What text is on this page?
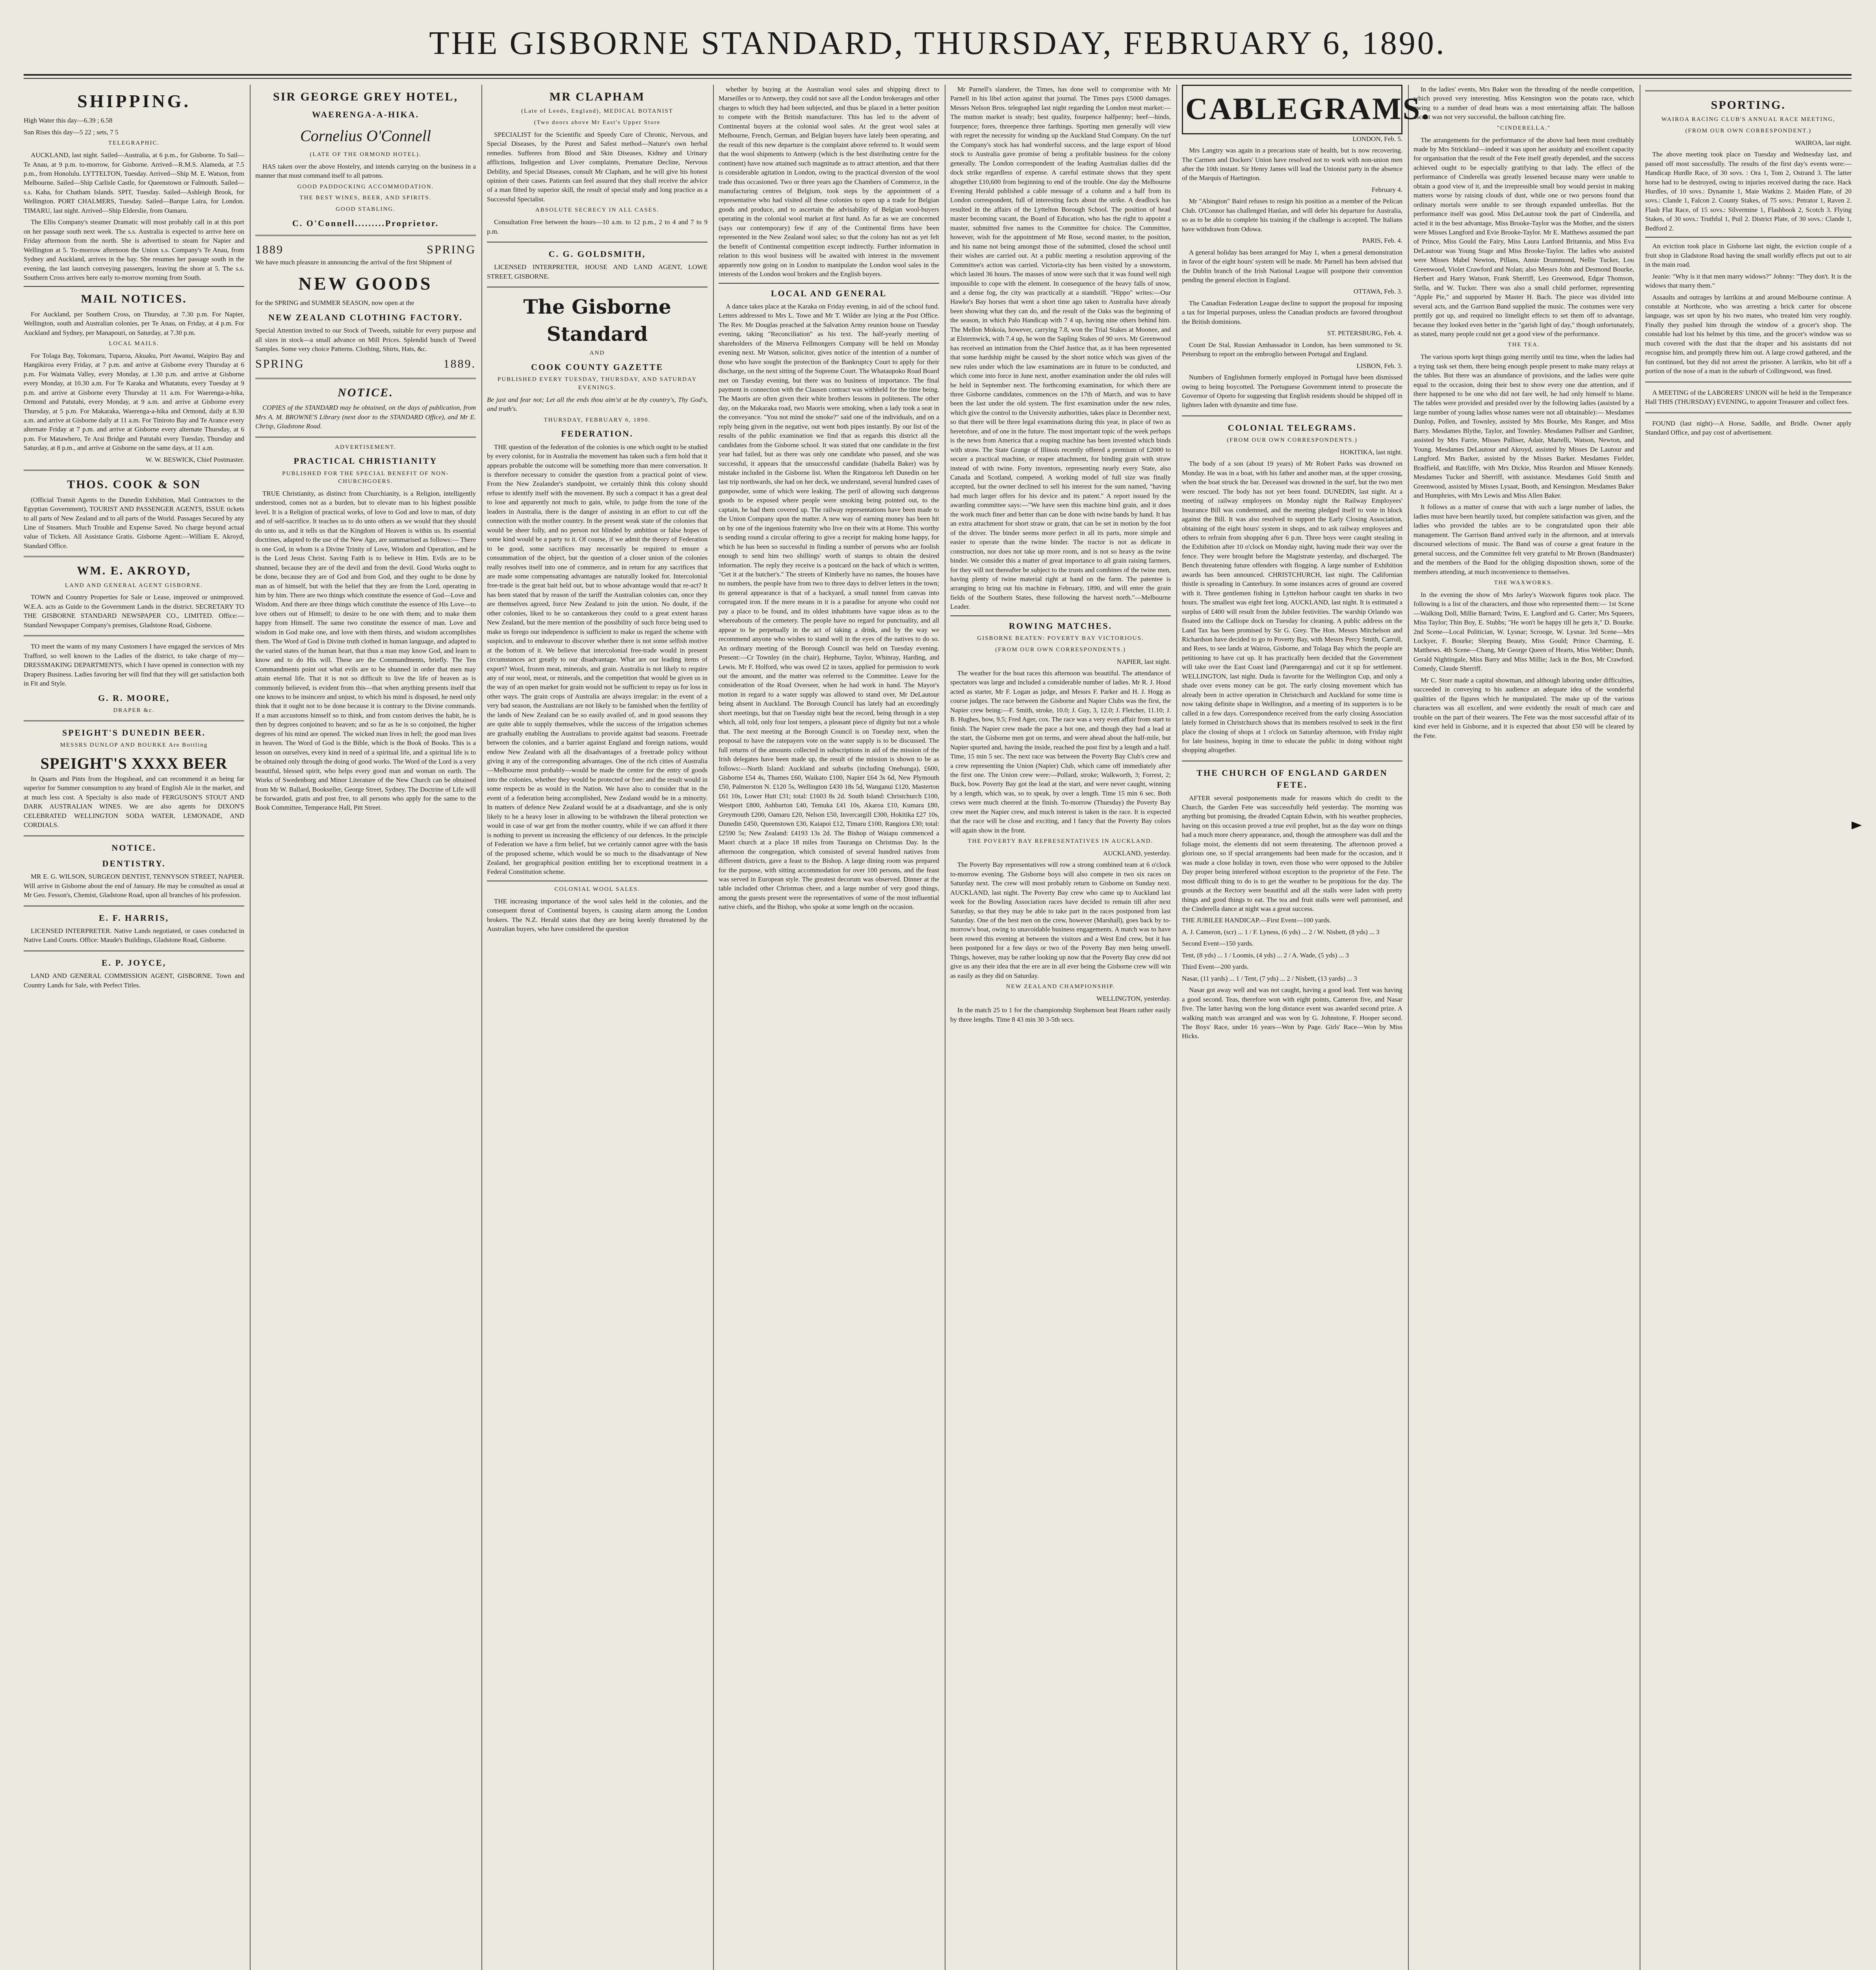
THE GISBORNE STANDARD, THURSDAY, FEBRUARY 6, 1890.
SHIPPING.

High Water this day—6.39 ; 6.58

Sun Rises this day—5 22 ; sets, 7 5

TELEGRAPHIC.

AUCKLAND, last night. Sailed—Australia, at 6 p.m., for Gisborne. To Sail—Te Anau, at 9 p.m. to-morrow, for Gisborne. Arrived—R.M.S. Alameda, at 7.5 p.m., from Honolulu. LYTTELTON, Tuesday. Arrived—Ship M. E. Watson, from Melbourne. Sailed—Ship Carlisle Castle, for Queenstown or Falmouth. Sailed—s.s. Kaha, for Chatham Islands. SPIT, Tuesday. Sailed—Ashleigh Brook, for Wellington. PORT CHALMERS, Tuesday. Sailed—Barque Laira, for London. TIMARU, last night. Arrived—Ship Elderslie, from Oamaru.

The Ellis Company's steamer Dramatic will most probably call in at this port on her passage south next week. The s.s. Australia is expected to arrive here on Friday afternoon from the north. She is advertised to steam for Napier and Wellington at 5. To-morrow afternoon the Union s.s. Company's Te Anau, from Sydney and Auckland, arrives in the bay. She resumes her passage south in the evening, the last launch conveying passengers, leaving the shore at 5. The s.s. Southern Cross arrives here early to-morrow morning from South.

MAIL NOTICES.

For Auckland, per Southern Cross, on Thursday, at 7.30 p.m. For Napier, Wellington, south and Australian colonies, per Te Anau, on Friday, at 4 p.m. For Auckland and Sydney, per Manapouri, on Saturday, at 7.30 p.m.

LOCAL MAILS.

For Tolaga Bay, Tokomaru, Tuparoa, Akuaku, Port Awanui, Waipiro Bay and Hangikiroa every Friday, at 7 p.m. and arrive at Gisborne every Thursday at 6 p.m. For Waimata Valley, every Monday, at 1.30 p.m. and arrive at Gisborne every Monday, at 10.30 a.m. For Te Karaka and Whatatutu, every Tuesday at 9 p.m. and arrive at Gisborne every Thursday at 11 a.m. For Waerenga-a-hika, Ormond and Patutahi, every Monday, at 9 a.m. and arrive at Gisborne every Thursday, at 5 p.m. For Makaraka, Waerenga-a-hika and Ormond, daily at 8.30 a.m. and arrive at Gisborne daily at 11 a.m. For Tiniroto Bay and Te Arance every alternate Friday at 7 p.m. and arrive at Gisborne every alternate Thursday, at 6 p.m. For Matawhero, Te Arai Bridge and Patutahi every Tuesday, Thursday and Saturday, at 8 p.m., and arrive at Gisborne on the same days, at 11 a.m.

W. W. BESWICK, Chief Postmaster.

THOS. COOK & SON

(Official Transit Agents to the Dunedin Exhibition, Mail Contractors to the Egyptian Government), TOURIST AND PASSENGER AGENTS, ISSUE tickets to all parts of New Zealand and to all parts of the World. Passages Secured by any Line of Steamers. Much Trouble and Expense Saved. No charge beyond actual value of Tickets. All Assistance Gratis. Gisborne Agent:—William E. Akroyd, Standard Office.

WM. E. AKROYD,
LAND AND GENERAL AGENT GISBORNE.

TOWN and Country Properties for Sale or Lease, improved or unimproved. W.E.A. acts as Guide to the Government Lands in the district. SECRETARY TO THE GISBORNE STANDARD NEWSPAPER CO., LIMITED. Office:—Standard Newspaper Company's premises, Gladstone Road, Gisborne.

TO meet the wants of my many Customers I have engaged the services of Mrs Trafford, so well known to the Ladies of the district, to take charge of my— DRESSMAKING DEPARTMENTS, which I have opened in connection with my Drapery Business. Ladies favoring her will find that they will get satisfaction both in Fit and Style.

G. R. MOORE,
DRAPER &c.
SPEIGHT'S DUNEDIN BEER.
MESSRS DUNLOP AND BOURKE Are Bottling
SPEIGHT'S XXXX BEER

In Quarts and Pints from the Hogshead, and can recommend it as being far superior for Summer consumption to any brand of English Ale in the market, and at much less cost. A Specialty is also made of FERGUSON'S STOUT AND DARK AUSTRALIAN WINES. We are also agents for DIXON'S CELEBRATED WELLINGTON SODA WATER, LEMONADE, AND CORDIALS.

NOTICE.
DENTISTRY.

MR E. G. WILSON, SURGEON DENTIST, TENNYSON STREET, NAPIER. Will arrive in Gisborne about the end of January. He may be consulted as usual at Mr Geo. Fesson's, Chemist, Gladstone Road, upon all branches of his profession.

E. F. HARRIS,

LICENSED INTERPRETER. Native Lands negotiated, or cases conducted in Native Land Courts. Office: Maude's Buildings, Gladstone Road, Gisborne.

E. P. JOYCE,

LAND AND GENERAL COMMISSION AGENT, GISBORNE. Town and Country Lands for Sale, with Perfect Titles.

SIR GEORGE GREY HOTEL,
WAERENGA-A-HIKA.
Cornelius O'Connell
(LATE OF THE ORMOND HOTEL).

HAS taken over the above Hostelry, and intends carrying on the business in a manner that must command itself to all patrons.

GOOD PADDOCKING ACCOMMODATION.
THE BEST WINES, BEER, AND SPIRITS.
GOOD STABLING.
C. O'Connell.........Proprietor.
1889	SPRING

We have much pleasure in announcing the arrival of the first Shipment of

NEW GOODS

for the SPRING and SUMMER SEASON, now open at the

NEW ZEALAND CLOTHING FACTORY.

Special Attention invited to our Stock of Tweeds, suitable for every purpose and all sizes in stock—a small advance on Mill Prices. Splendid bunch of Tweed Samples. Some very choice Patterns. Clothing, Shirts, Hats, &c.

SPRING	1889.
NOTICE.

COPIES of the STANDARD may be obtained, on the days of publication, from Mrs A. M. BROWNE'S Library (next door to the STANDARD Office), and Mr E. Chrisp, Gladstone Road.

ADVERTISEMENT.
PRACTICAL CHRISTIANITY
PUBLISHED FOR THE SPECIAL BENEFIT OF NON-CHURCHGOERS.

TRUE Christianity, as distinct from Churchianity, is a Religion, intelligently understood, comes not as a burden, but to elevate man to his highest possible level. It is a Religion of practical works, of love to God and love to man, of duty and of self-sacrifice. It teaches us to do unto others as we would that they should do unto us, and it tells us that the Kingdom of Heaven is within us. Its essential doctrines, adapted to the use of the New Age, are summarised as follows:— There is one God, in whom is a Divine Trinity of Love, Wisdom and Operation, and he is the Lord Jesus Christ. Saving Faith is to believe in Him. Evils are to be shunned, because they are of the devil and from the devil. Good Works ought to be done, because they are of God and from God, and they ought to be done by man as of himself, but with the belief that they are from the Lord, operating in him by him. There are two things which constitute the essence of God—Love and Wisdom. And there are three things which constitute the essence of His Love—to love others out of Himself; to desire to be one with them; and to make them happy from Himself. The same two constitute the essence of man. Love and wisdom in God make one, and love with them thirsts, and wisdom accomplishes them. The Word of God is Divine truth clothed in human language, and adapted to the varied states of the human heart, that thus a man may know God, and learn to know and to do His will. These are the Commandments, briefly. The Ten Commandments point out what evils are to be shunned in order that men may attain eternal life. That it is not so difficult to live the life of heaven as is commonly believed, is evident from this—that when anything presents itself that one knows to be insincere and unjust, to which his mind is disposed, he need only think that it ought not to be done because it is contrary to the Divine commands. If a man accustoms himself so to think, and from custom derives the habit, he is then by degrees conjoined to heaven; and so far as he is so conjoined, the higher degrees of his mind are opened. The wicked man lives in hell; the good man lives in heaven. The Word of God is the Bible, which is the Book of Books. This is a lesson on ourselves, every kind in need of a spiritual life, and a spiritual life is to be obtained only through the doing of good works. The Word of the Lord is a very beautiful, blessed spirit, who helps every good man and woman on earth. The Works of Swedenborg and Minor Literature of the New Church can be obtained from Mr W. Ballard, Bookseller, George Street, Sydney. The Doctrine of Life will be forwarded, gratis and post free, to all persons who apply for the same to the Book Committee, Temperance Hall, Pitt Street.

MR CLAPHAM
(Late of Leeds, England), MEDICAL BOTANIST
(Two doors above Mr East's Upper Store

SPECIALIST for the Scientific and Speedy Cure of Chronic, Nervous, and Special Diseases, by the Purest and Safest method—Nature's own herbal remedies. Sufferers from Blood and Skin Diseases, Kidney and Urinary afflictions, Indigestion and Liver complaints, Premature Decline, Nervous Debility, and Special Diseases, consult Mr Clapham, and he will give his honest opinion of their cases. Patients can feel assured that they shall receive the advice of a man fitted by superior skill, the result of special study and long practice as a Successful Specialist.

ABSOLUTE SECRECY IN ALL CASES.

Consultation Free between the hours—10 a.m. to 12 p.m., 2 to 4 and 7 to 9 p.m.

C. G. GOLDSMITH,

LICENSED INTERPRETER, HOUSE AND LAND AGENT, LOWE STREET, GISBORNE.

The Gisborne Standard
AND
COOK COUNTY GAZETTE
PUBLISHED EVERY TUESDAY, THURSDAY, AND SATURDAY EVENINGS.

Be just and fear not; Let all the ends thou aim'st at be thy country's, Thy God's, and truth's.

THURSDAY, FEBRUARY 6, 1890.
FEDERATION.

THE question of the federation of the colonies is one which ought to be studied by every colonist, for in Australia the movement has taken such a firm hold that it appears probable the outcome will be something more than mere conversation. It is therefore necessary to consider the question from a practical point of view. From the New Zealander's standpoint, we certainly think this colony should refuse to identify itself with the movement. By such a compact it has a great deal to lose and apparently not much to gain, while, to judge from the tone of the leaders in Australia, there is the danger of assisting in an effort to cut off the connection with the mother country. In the present weak state of the colonies that would be sheer folly, and no person not blinded by ambition or false hopes of some kind would be a party to it. Of course, if we admit the theory of Federation to be good, some sacrifices may necessarily be required to ensure a consummation of the object, but the question of a closer union of the colonies really resolves itself into one of commerce, and in return for any sacrifices that are made some compensating advantages are naturally looked for. Intercolonial free-trade is the great bait held out, but to whose advantage would that re-act? It has been stated that by reason of the tariff the Australian colonies can, once they are themselves agreed, force New Zealand to join the union. No doubt, if the other colonies, liked to be so cantankerous they could to a great extent harass New Zealand, but the mere mention of the possibility of such force being used to make us forego our independence is sufficient to make us regard the scheme with suspicion, and to endeavour to discover whether there is not some selfish motive at the bottom of it. We believe that intercolonial free-trade would in present circumstances act greatly to our disadvantage. What are our leading items of export? Wool, frozen meat, minerals, and grain. Australia is not likely to require any of our wool, meat, or minerals, and the competition that would be given us in the way of an open market for grain would not be sufficient to repay us for loss in other ways. The grain crops of Australia are always irregular: in the event of a very bad season, the Australians are not likely to be famished when the fertility of the lands of New Zealand can be so easily availed of, and in good seasons they are quite able to supply themselves, while the success of the irrigation schemes are gradually enabling the Australians to provide against bad seasons. Freetrade between the colonies, and a barrier against England and foreign nations, would endow New Zealand with all the disadvantages of a freetrade policy without giving it any of the corresponding advantages. One of the rich cities of Australia—Melbourne most probably—would be made the centre for the entry of goods into the colonies, whether they would be protected or free: and the result would in some respects be as would in the Nation. We have also to consider that in the event of a federation being accomplished, New Zealand would be in a minority. In matters of defence New Zealand would be at a disadvantage, and she is only likely to be a heavy loser in allowing to be withdrawn the liberal protection we would in case of war get from the mother country, while if we can afford it there is nothing to prevent us increasing the efficiency of our defences. In the principle of Federation we have a firm belief, but we certainly cannot agree with the basis of the proposed scheme, which would be so much to the disadvantage of New Zealand, her geographical position entitling her to exceptional treatment in a Federal Constitution scheme.

COLONIAL WOOL SALES.

THE increasing importance of the wool sales held in the colonies, and the consequent threat of Continental buyers, is causing alarm among the London brokers. The N.Z. Herald states that they are being keenly threatened by the Australian buyers, who have considered the question

whether by buying at the Australian wool sales and shipping direct to Marseilles or to Antwerp, they could not save all the London brokerages and other charges to which they had been subjected, and thus be placed in a better position to compete with the British manufacturer. This has led to the advent of Continental buyers at the colonial wool sales. At the great wool sales at Melbourne, French, German, and Belgian buyers have lately been operating, and the result of this new departure is the complaint above referred to. It would seem that the wool shipments to Antwerp (which is the best distributing centre for the continent) have now attained such magnitude as to attract attention, and that there is considerable agitation in London, owing to the practical diversion of the wool trade thus occasioned. Two or three years ago the Chambers of Commerce, in the manufacturing centres of Belgium, took steps by the appointment of a representative who had visited all these colonies to open up a trade for Belgian goods and produce, and to ascertain the advisability of Belgian wool-buyers operating in the colonial wool market at first hand. As far as we are concerned (says our contemporary) few if any of the Continental firms have been represented in the New Zealand wool sales; so that the colony has not as yet felt the benefit of Continental competition except indirectly. Further information in relation to this wool business will be awaited with interest in the movement apparently now going on in London to manipulate the London wool sales in the interests of the London wool brokers and the English buyers.

LOCAL AND GENERAL

A dance takes place at the Karaka on Friday evening, in aid of the school fund. Letters addressed to Mrs L. Towe and Mr T. Wilder are lying at the Post Office. The Rev. Mr Douglas preached at the Salvation Army reunion house on Tuesday evening, taking "Reconciliation" as his text. The half-yearly meeting of shareholders of the Minerva Fellmongers Company will be held on Monday evening next. Mr Watson, solicitor, gives notice of the intention of a number of those who have sought the protection of the Bankruptcy Court to apply for their discharge, on the next sitting of the Supreme Court. The Whataupoko Road Board met on Tuesday evening, but there was no business of importance. The final payment in connection with the Clausen contract was withheld for the time being. The Maoris are often given their white brothers lessons in politeness. The other day, on the Makaraka road, two Maoris were smoking, when a lady took a seat in the conveyance. "You not mind the smoke?" said one of the individuals, and on a reply being given in the negative, out went both pipes instantly. By our list of the results of the public examination we find that as regards this district all the candidates from the Gisborne school. It was stated that one candidate in the first year had failed, but as there was only one candidate who passed, and she was successful, it appears that the unsuccessful candidate (Isabella Baker) was by mistake included in the Gisborne list. When the Ringatoroa left Dunedin on her last trip northwards, she had on her deck, we understand, several hundred cases of gunpowder, some of which were leaking. The peril of allowing such dangerous goods to be exposed where people were smoking being pointed out, to the captain, he had them covered up. The railway representations have been made to the Union Company upon the matter. A new way of earning money has been hit on by one of the ingenious fraternity who live on their wits at Home. This worthy is sending round a circular offering to give a receipt for making home happy, for which he has been so successful in finding a number of persons who are foolish enough to send him two shillings' worth of stamps to obtain the desired information. The reply they receive is a postcard on the back of which is written, "Get it at the butcher's." The streets of Kimberly have no names, the houses have no numbers, the people have from two to three days to deliver letters in the town; its general appearance is that of a backyard, a small tunnel from canvas into corrugated iron. If the mere means in it is a paradise for anyone who could not pay a place to be found, and its oldest inhabitants have vague ideas as to the whereabouts of the cemetery. The people have no regard for punctuality, and all appear to be perpetually in the act of taking a drink, and by the way we recommend anyone who wishes to stand well in the eyes of the natives to do so. An ordinary meeting of the Borough Council was held on Tuesday evening. Present:—Cr Townley (in the chair), Hepburne, Taylor, Whinray, Harding, and Lewis. Mr F. Holford, who was owed £2 in taxes, applied for permission to work out the amount, and the matter was referred to the Committee. Leave for the consideration of the Road Overseer, when he had work in hand. The Mayor's motion in regard to a water supply was allowed to stand over, Mr DeLautour being absent in Auckland. The Borough Council has lately had an exceedingly short meetings, but that on Tuesday night beat the record, being through in a step which, all told, only four lost tempers, a pleasant piece of dignity but not a whole that. The next meeting at the Borough Council is on Tuesday next, when the proposal to have the ratepayers vote on the water supply is to be discussed. The full returns of the amounts collected in subscriptions in aid of the mission of the Irish delegates have been made up, the result of the mission is shown to be as follows:—North Island: Auckland and suburbs (including Onehunga), £600, Gisborne £54 4s, Thames £60, Waikato £100, Napier £64 3s 6d, New Plymouth £50, Palmerston N. £120 5s, Wellington £430 18s 5d, Wanganui £120, Masterton £61 10s, Lower Hutt £31; total: £1603 8s 2d. South Island: Christchurch £100, Westport £800, Ashburton £40, Temuka £41 10s, Akaroa £10, Kumara £80, Greymouth £200, Oamaru £20, Nelson £50, Invercargill £300, Hokitika £27 10s, Dunedin £450, Queenstown £30, Kaiapoi £12, Timaru £100, Rangiora £30; total: £2590 5s; New Zealand: £4193 13s 2d. The Bishop of Waiapu commenced a Maori church at a place 18 miles from Tauranga on Christmas Day. In the afternoon the congregation, which consisted of several hundred natives from different districts, gave a feast to the Bishop. A large dining room was prepared for the purpose, with sitting accommodation for over 100 persons, and the feast was served in European style. The greatest decorum was observed. Dinner at the table included other Christmas cheer, and a large number of very good things, among the guests present were the representatives of some of the most influential native chiefs, and the Bishop, who spoke at some length on the occasion.

Mr Parnell's slanderer, the Times, has done well to compromise with Mr Parnell in his libel action against that journal. The Times pays £5000 damages. Messrs Nelson Bros. telegraphed last night regarding the London meat market:—The mutton market is steady; best quality, fourpence halfpenny; beef—hinds, fourpence; fores, threepence three farthings. Sporting men generally will view with regret the necessity for winding up the Auckland Stud Company. On the turf the Company's stock has had wonderful success, and the large export of blood stock to Australia gave promise of being a profitable business for the colony generally. The London correspondent of the leading Australian dailies did the dock strike regardless of expense. A careful estimate shows that they spent altogether £10,600 from beginning to end of the trouble. One day the Melbourne Evening Herald published a cable message of a column and a half from its London correspondent, full of interesting facts about the strike. A deadlock has resulted in the affairs of the Lyttelton Borough School. The position of head master becoming vacant, the Board of Education, who has the right to appoint a master, submitted five names to the Committee for choice. The Committee, however, wish for the appointment of Mr Rose, second master, to the position, and his name not being amongst those of the submitted, closed the school until their wishes are carried out. At a public meeting a resolution approving of the Committee's action was carried. Victoria-city has been visited by a snowstorm, which lasted 36 hours. The masses of snow were such that it was found well nigh impossible to cope with the element. In consequence of the heavy falls of snow, and a dense fog, the city was practically at a standstill. "Hippo" writes:—Our Hawke's Bay horses that went a short time ago taken to Australia have already been showing what they can do, and the result of the Oaks was the beginning of the season, in which Palo Handicap with 7 4 up, having nine others behind him. The Mellon Mokoia, however, carrying 7.8, won the Trial Stakes at Moonee, and at Elsternwick, with 7.4 up, he won the Sapling Stakes of 90 sovs. Mr Greenwood has received an intimation from the Chief Justice that, as it has been represented that some hardship might be caused by the short notice which was given of the new rules under which the law examinations are in future to be conducted, and which come into force in June next, another examination under the old rules will be held in September next. The forthcoming examination, for which there are three Gisborne candidates, commences on the 17th of March, and was to have been the last under the old system. The first examination under the new rules, which give the control to the University authorities, takes place in December next, so that there will be three legal examinations during this year, in place of two as heretofore, and of one in the future. The most important topic of the week perhaps is the news from America that a reaping machine has been invented which binds with straw. The State Grange of Illinois recently offered a premium of £2000 to secure a practical machine, or reaper attachment, for binding grain with straw instead of with twine. Forty inventors, representing nearly every State, also Canada and Scotland, competed. A working model of full size was finally accepted, but the owner declined to sell his interest for the sum named, "having had much larger offers for his device and its patent." A report issued by the awarding committee says:—"We have seen this machine bind grain, and it does the work much finer and better than can be done with twine bands by hand. It has an extra attachment for short straw or grain, that can be set in motion by the foot of the driver. The binder seems more perfect in all its parts, more simple and easier to operate than the twine binder. The tractor is not as delicate in construction, nor does not take up more room, and is not so heavy as the twine binder. We consider this a matter of great importance to all grain raising farmers, for they will not thereafter be subject to the trusts and combines of the twine men, having plenty of twine material right at hand on the farm. The patentee is arranging to bring out his machine in February, 1890, and will enter the grain fields of the Southern States, these following the harvest north."—Melbourne Leader.

ROWING MATCHES.
GISBORNE BEATEN: POVERTY BAY VICTORIOUS.
(FROM OUR OWN CORRESPONDENTS.)

NAPIER, last night.

The weather for the boat races this afternoon was beautiful. The attendance of spectators was large and included a considerable number of ladies. Mr R. J. Hood acted as starter, Mr F. Logan as judge, and Messrs F. Parker and H. J. Hogg as course judges. The race between the Gisborne and Napier Clubs was the first, the Napier crew being:—F. Smith, stroke, 10.0; J. Guy, 3, 12.0; J. Fletcher, 11.10; J. B. Hughes, bow, 9.5; Fred Ager, cox. The race was a very even affair from start to finish. The Napier crew made the pace a hot one, and though they had a lead at the start, the Gisborne men got on terms, and were ahead about the half-mile, but Napier spurted and, having the inside, reached the post first by a length and a half. Time, 15 min 5 sec. The next race was between the Poverty Bay Club's crew and a crew representing the Union (Napier) Club, which came off immediately after the first one. The Union crew were:—Pollard, stroke; Walkworth, 3; Forrest, 2; Buck, bow. Poverty Bay got the lead at the start, and were never caught, winning by a length, which was, so to speak, by over a length. Time 15 min 6 sec. Both crews were much cheered at the finish. To-morrow (Thursday) the Poverty Bay crew meet the Napier crew, and much interest is taken in the race. It is expected that the race will be close and exciting, and I fancy that the Poverty Bay colors will again show in the front.

THE POVERTY BAY REPRESENTATIVES IN AUCKLAND.

AUCKLAND, yesterday.

The Poverty Bay representatives will row a strong combined team at 6 o'clock to-morrow evening. The Gisborne boys will also compete in two six races on Saturday next. The crew will most probably return to Gisborne on Sunday next. AUCKLAND, last night. The Poverty Bay crew who came up to Auckland last week for the Bowling Association races have decided to remain till after next Saturday, so that they may be able to take part in the races postponed from last Saturday. One of the best men on the crew, however (Marshall), goes back by to-morrow's boat, owing to unavoidable business engagements. A match was to have been rowed this evening at between the visitors and a West End crew, but it has been postponed for a few days or two of the Poverty Bay men being unwell. Things, however, may be rather looking up now that the Poverty Bay crew did not give us any their idea that the ere are in all ever being the Gisborne crew will win as easily as they did on Saturday.

NEW ZEALAND CHAMPIONSHIP.

WELLINGTON, yesterday.

In the match 25 to 1 for the championship Stephenson beat Hearn rather easily by three lengths. Time 8 43 min 30 3-5th secs.

CABLEGRAMS.

LONDON, Feb. 5.

Mrs Langtry was again in a precarious state of health, but is now recovering. The Carmen and Dockers' Union have resolved not to work with non-union men after the 10th instant. Sir Henry James will lead the Unionist party in the absence of the Marquis of Hartington.

February 4.

Mr "Abington" Baird refuses to resign his position as a member of the Pelican Club. O'Connor has challenged Hanlan, and will defer his departure for Australia, so as to be able to complete his training if the challenge is accepted. The Italians have withdrawn from Odowa.

PARIS, Feb. 4.

A general holiday has been arranged for May 1, when a general demonstration in favor of the eight hours' system will be made. Mr Parnell has been advised that the Dublin branch of the Irish National League will postpone their convention pending the general election in England.

OTTAWA, Feb. 3.

The Canadian Federation League decline to support the proposal for imposing a tax for Imperial purposes, unless the Canadian products are favored throughout the British dominions.

ST. PETERSBURG, Feb. 4.

Count De Stal, Russian Ambassador in London, has been summoned to St. Petersburg to report on the embroglio between Portugal and England.

LISBON, Feb. 3.

Numbers of Englishmen formerly employed in Portugal have been dismissed owing to being boycotted. The Portuguese Government intend to prosecute the Governor of Oporto for suggesting that English residents should be shipped off in lighters laden with dynamite and time fuse.

COLONIAL TELEGRAMS.
(FROM OUR OWN CORRESPONDENTS.)

HOKITIKA, last night.

The body of a son (about 19 years) of Mr Robert Parks was drowned on Monday. He was in a boat, with his father and another man, at the upper crossing, when the boat struck the bar. Deceased was drowned in the surf, but the two men were rescued. The body has not yet been found. DUNEDIN, last night. At a meeting of railway employees on Monday night the Railway Employees' Insurance Bill was condemned, and the meeting pledged itself to vote in block against the Bill. It was also resolved to support the Early Closing Association, obtaining of the eight hours' system in shops, and to ask railway employees and others to refrain from shopping after 6 p.m. Three boys were caught stealing in the Exhibition after 10 o'clock on Monday night, having made their way over the fence. They were brought before the Magistrate yesterday, and discharged. The Bench threatening future offenders with flogging. A large number of Exhibition awards has been announced. CHRISTCHURCH, last night. The Californian thistle is spreading in Canterbury. In some instances acres of ground are covered with it. Three gentlemen fishing in Lyttelton harbour caught ten sharks in two hours. The smallest was eight feet long. AUCKLAND, last night. It is estimated a surplus of £400 will result from the Jubilee festivities. The warship Orlando was floated into the Calliope dock on Tuesday for cleaning. A public address on the Land Tax has been promised by Sir G. Grey. The Hon. Messrs Mitchelson and Richardson have decided to go to Poverty Bay, with Messrs Percy Smith, Carroll, and Rees, to see lands at Wairoa, Gisborne, and Tolaga Bay which the people are petitioning to have cut up. It has practically been decided that the Government will take over the East Coast land (Parengarenga) and cut it up for settlement. WELLINGTON, last night. Duda is favorite for the Wellington Cup, and only a shade over evens money can be got. The early closing movement which has already been in active operation in Christchurch and Auckland for some time is now taking definite shape in Wellington, and a meeting of its supporters is to be called in a few days. Correspondence received from the early closing Association lately formed in Christchurch shows that its members resolved to seek in the first place the closing of shops at 1 o'clock on Saturday afternoon, with Friday night for late business, hoping in time to educate the public in doing without night shopping altogether.

THE CHURCH OF ENGLAND GARDEN FETE.

AFTER several postponements made for reasons which do credit to the Church, the Garden Fete was successfully held yesterday. The morning was anything but promising, the dreaded Captain Edwin, with his weather prophecies, having on this occasion proved a true evil prophet, but as the day wore on things had a much more cheery appearance, and, though the atmosphere was dull and the foliage moist, the elements did not seem threatening. The afternoon proved a glorious one, so if special arrangements had been made for the occasion, and it was made a close holiday in town, even those who were opposed to the Jubilee Day proper being interfered without exception to the proprietor of the Fete. The most difficult thing to do is to get the weather to be propitious for the day. The grounds at the Rectory were beautiful and all the stalls were laden with pretty things and good things to eat. The tea and fruit stalls were well patronised, and the Cinderella dance at night was a great success.

THE JUBILEE HANDICAP.—First Event—100 yards.

A. J. Cameron, (scr) ... 1 / F. Lyness, (6 yds) ... 2 / W. Nisbett, (8 yds) ... 3

Second Event—150 yards.

Tent, (8 yds) ... 1 / Loomis, (4 yds) ... 2 / A. Wade, (5 yds) ... 3

Third Event—200 yards.

Nasar, (11 yards) ... 1 / Tent, (7 yds) ... 2 / Nisbett, (13 yards) ... 3

Nasar got away well and was not caught, having a good lead. Tent was having a good second. Teas, therefore won with eight points, Cameron five, and Nasar five. The latter having won the long distance event was awarded second prize. A walking match was arranged and was won by G. Johnstone, F. Hooper second. The Boys' Race, under 16 years—Won by Page. Girls' Race—Won by Miss Hicks.

In the ladies' events, Mrs Baker won the threading of the needle competition, which proved very interesting. Miss Kensington won the potato race, which owing to a number of dead heats was a most entertaining affair. The balloon ascent was not very successful, the balloon catching fire.

"CINDERELLA."

The arrangements for the performance of the above had been most creditably made by Mrs Strickland—indeed it was upon her assiduity and excellent capacity for organisation that the result of the Fete itself greatly depended, and the success achieved ought to be especially gratifying to that lady. The effect of the performance of Cinderella was greatly lessened because many were unable to obtain a good view of it, and the irrepressible small boy would persist in making matters worse by raising clouds of dust, while one or two persons found that ordinary mortals were unable to see through expanded umbrellas. But the performance itself was good. Miss DeLautour took the part of Cinderella, and acted it in the best advantage, Miss Brooke-Taylor was the Mother, and the sisters were Misses Langford and Evie Brooke-Taylor. Mr E. Matthews assumed the part of Prince, Miss Gould the Fairy, Miss Laura Lanford Britannia, and Miss Eva DeLautour was Young Stage and Miss Brooke-Taylor. The ladies who assisted were Misses Mabel Newton, Pillans, Annie Drummond, Nellie Tucker, Lou Greenwood, Violet Crawford and Nolan; also Messrs John and Desmond Bourke, Herbert and Harry Watson, Frank Sherriff, Leo Greenwood, Edgar Thomson, Stella, and W. Tucker. There was also a small child performer, representing "Apple Pie," and supported by Master H. Bach. The piece was divided into several acts, and the Garrison Band supplied the music. The costumes were very prettily got up, and required no limelight effects to set them off to advantage, because they looked even better in the "garish light of day," though unfortunately, as stated, many people could not get a good view of the performance.

THE TEA.

The various sports kept things going merrily until tea time, when the ladies had a trying task set them, there being enough people present to make many relays at the tables. But there was an abundance of provisions, and the ladies were quite equal to the occasion, doing their best to show every one due attention, and if there happened to be one who did not fare well, he had only himself to blame. The tables were provided and presided over by the following ladies (assisted by a large number of young ladies whose names were not all obtainable):— Mesdames Dunlop, Pollen, and Townley, assisted by Mrs Bourke, Mrs Ranger, and Miss Barry. Mesdames Blythe, Taylor, and Townley. Mesdames Palliser and Gardiner, assisted by Mrs Farrie, Misses Palliser, Adair, Martelli, Watson, Newton, and Young. Mesdames DeLautour and Akroyd, assisted by Misses De Lautour and Langford. Mrs Barker, assisted by the Misses Barker. Mesdames Fielder, Bradfield, and Ratcliffe, with Mrs Dickie, Miss Reardon and Missee Kennedy. Mesdames Tucker and Sherriff, with assistance. Mesdames Gold Smith and Greenwood, assisted by Misses Lysaat, Booth, and Kensington. Mesdames Baker and Humphries, with Mrs Lewis and Miss Allen Baker.

It follows as a matter of course that with such a large number of ladies, the ladies must have been heartily taxed, but complete satisfaction was given, and the ladies who provided the tables are to be congratulated upon their able management. The Garrison Band arrived early in the afternoon, and at intervals discoursed selections of music. The Band was of course a great feature in the general success, and the Committee felt very grateful to Mr Brown (Bandmaster) and the members of the Band for the obliging disposition shown, some of the members attending, at much inconvenience to themselves.

THE WAXWORKS.

In the evening the show of Mrs Jarley's Waxwork figures took place. The following is a list of the characters, and those who represented them:— 1st Scene—Walking Doll, Millie Barnard; Twins, E. Langford and G. Carter; Mrs Squeers, Miss Taylor; Thin Boy, E. Stubbs; "He won't be happy till he gets it," D. Bourke. 2nd Scene—Local Politician, W. Lysnar; Scrooge, W. Lysnar. 3rd Scene—Mrs Lockyer, F. Bourke; Sleeping Beauty, Miss Gould; Prince Charming, E. Matthews. 4th Scene—Chang, Mr George Queen of Hearts, Miss Webber; Dumb, Gerald Nightingale, Miss Barry and Miss Millie; Jack in the Box, Mr Crawford. Comedy, Claude Sherriff.

Mr C. Storr made a capital showman, and although laboring under difficulties, succeeded in conveying to his audience an adequate idea of the wonderful qualities of the figures which he manipulated. The make up of the various characters was all excellent, and were evidently the result of much care and trouble on the part of their wearers. The Fete was the most successful affair of its kind ever held in Gisborne, and it is expected that about £50 will be cleared by the Fete.

SPORTING.
WAIROA RACING CLUB'S ANNUAL RACE MEETING,
(FROM OUR OWN CORRESPONDENT.)

WAIROA, last night.

The above meeting took place on Tuesday and Wednesday last, and passed off most successfully. The results of the first day's events were:— Handicap Hurdle Race, of 30 sovs. : Ora 1, Tom 2, Ostrand 3. The latter horse had to be destroyed, owing to injuries received during the race. Hack Hurdles, of 10 sovs.: Dynamite 1, Maie Watkins 2. Maiden Plate, of 20 sovs.: Clande 1, Falcon 2. County Stakes, of 75 sovs.: Petrator 1, Raven 2. Flash Flat Race, of 15 sovs.: Silvermine 1, Flashbook 2, Scotch 3. Flying Stakes, of 30 sovs.: Truthful 1, Puil 2. District Plate, of 30 sovs.: Clande 1, Bedford 2.

An eviction took place in Gisborne last night, the eviction couple of a fruit shop in Gladstone Road having the small worldly effects put out to air in the main road.

Jeanie: "Why is it that men marry widows?" Johnny: "They don't. It is the widows that marry them."

Assaults and outrages by larrikins at and around Melbourne continue. A constable at Northcote, who was arresting a brick carter for obscene language, was set upon by his two mates, who treated him very roughly. Finally they pushed him through the window of a grocer's shop. The constable had lost his helmet by this time, and the grocer's window was so much covered with the dust that the draper and his assistants did not recognise him, and promptly threw him out. A large crowd gathered, and the fun continued, but they did not arrest the prisoner. A larrikin, who bit off a portion of the nose of a man in the suburb of Collingwood, was fined.

A MEETING of the LABORERS' UNION will be held in the Temperance Hall THIS (THURSDAY) EVENING, to appoint Treasurer and collect fees.

FOUND (last night)—A Horse, Saddle, and Bridle. Owner apply Standard Office, and pay cost of advertisement.
